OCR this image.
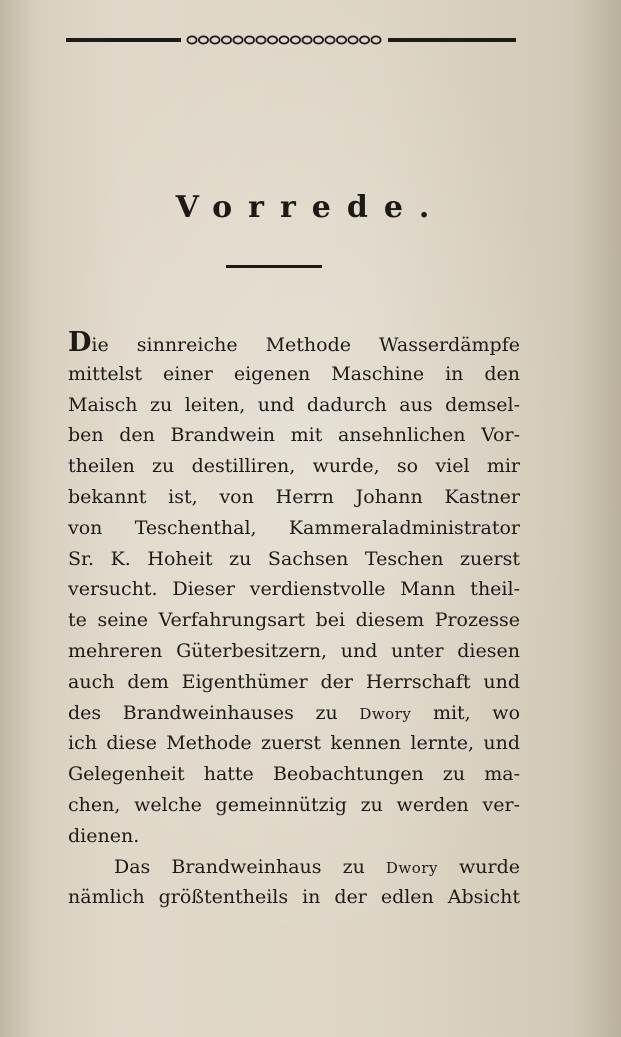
Vorrede.
Die sinnreiche Methode Wasserdämpfe
mittelst einer eigenen Maschine in den
Maisch zu leiten, und dadurch aus demsel-
ben den Brandwein mit ansehnlichen Vor-
theilen zu destilliren, wurde, so viel mir
bekannt ist, von Herrn Johann Kastner
von Teschenthal, Kammeraladministrator
Sr. K. Hoheit zu Sachsen Teschen zuerst
versucht. Dieser verdienstvolle Mann theil-
te seine Verfahrungsart bei diesem Prozesse
mehreren Güterbesitzern, und unter diesen
auch dem Eigenthümer der Herrschaft und
des Brandweinhauses zu Dwory mit, wo
ich diese Methode zuerst kennen lernte, und
Gelegenheit hatte Beobachtungen zu ma-
chen, welche gemeinnützig zu werden ver-
dienen.
Das Brandweinhaus zu Dwory wurde
nämlich größtentheils in der edlen Absicht
